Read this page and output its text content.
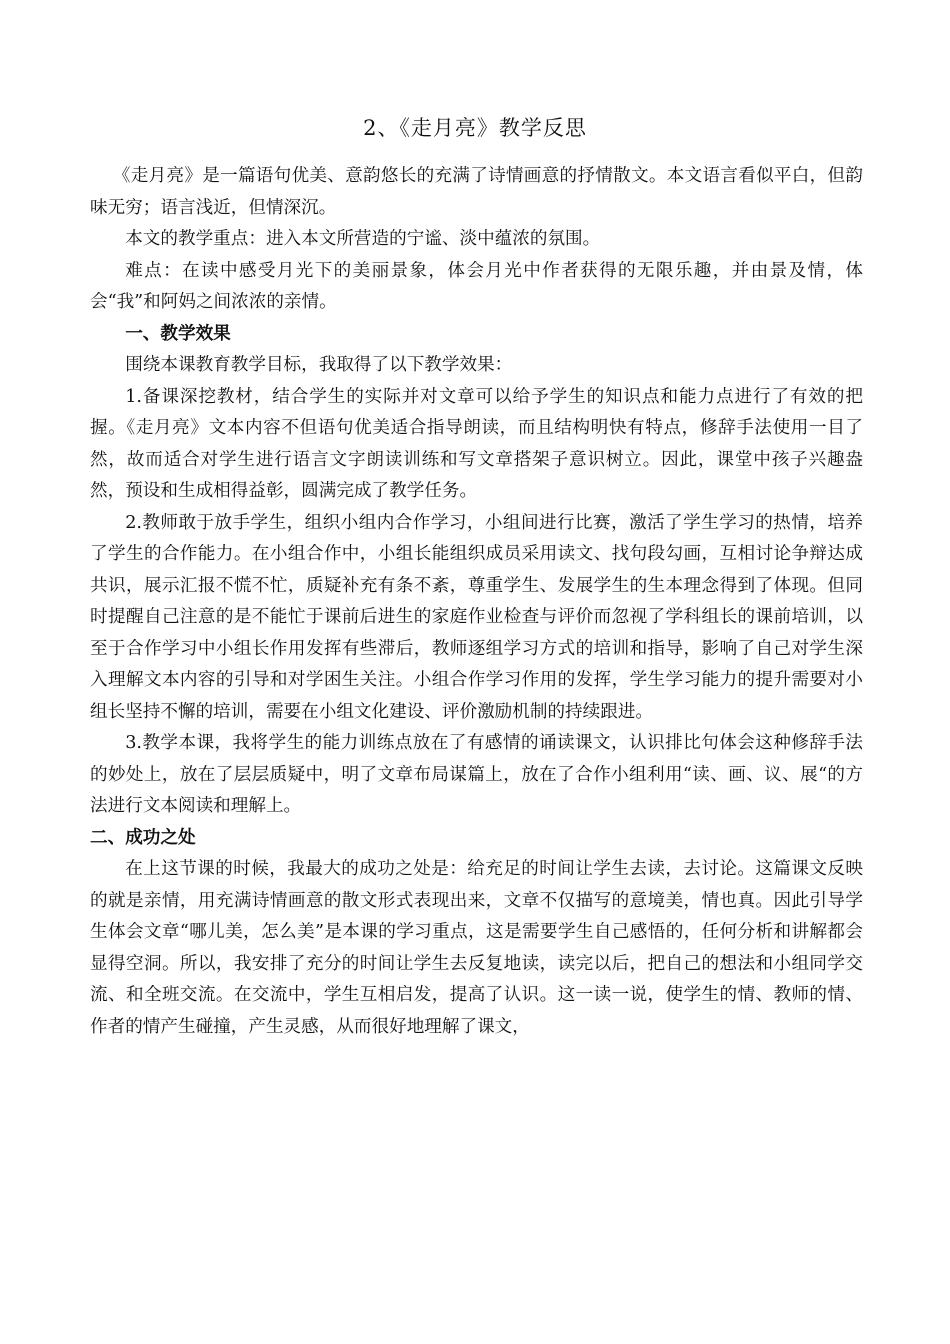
2、《走月亮》教学反思

《走月亮》是一篇语句优美、意韵悠长的充满了诗情画意的抒情散文。本文语言看似平白，但韵味无穷；语言浅近，但情深沉。

本文的教学重点：进入本文所营造的宁谧、淡中蕴浓的氛围。

难点：在读中感受月光下的美丽景象，体会月光中作者获得的无限乐趣，并由景及情，体会“我”和阿妈之间浓浓的亲情。

一、教学效果

围绕本课教育教学目标，我取得了以下教学效果：

1.备课深挖教材，结合学生的实际并对文章可以给予学生的知识点和能力点进行了有效的把握。《走月亮》文本内容不但语句优美适合指导朗读，而且结构明快有特点，修辞手法使用一目了然，故而适合对学生进行语言文字朗读训练和写文章搭架子意识树立。因此，课堂中孩子兴趣盎然，预设和生成相得益彰，圆满完成了教学任务。

2.教师敢于放手学生，组织小组内合作学习，小组间进行比赛，激活了学生学习的热情，培养了学生的合作能力。在小组合作中，小组长能组织成员采用读文、找句段勾画，互相讨论争辩达成共识，展示汇报不慌不忙，质疑补充有条不紊，尊重学生、发展学生的生本理念得到了体现。但同时提醒自己注意的是不能忙于课前后进生的家庭作业检查与评价而忽视了学科组长的课前培训，以至于合作学习中小组长作用发挥有些滞后，教师逐组学习方式的培训和指导，影响了自己对学生深入理解文本内容的引导和对学困生关注。小组合作学习作用的发挥，学生学习能力的提升需要对小组长坚持不懈的培训，需要在小组文化建设、评价激励机制的持续跟进。

3.教学本课，我将学生的能力训练点放在了有感情的诵读课文，认识排比句体会这种修辞手法的妙处上，放在了层层质疑中，明了文章布局谋篇上，放在了合作小组利用“读、画、议、展“的方法进行文本阅读和理解上。

二、成功之处

在上这节课的时候，我最大的成功之处是：给充足的时间让学生去读，去讨论。这篇课文反映的就是亲情，用充满诗情画意的散文形式表现出来，文章不仅描写的意境美，情也真。因此引导学生体会文章“哪儿美，怎么美”是本课的学习重点，这是需要学生自己感悟的，任何分析和讲解都会显得空洞。所以，我安排了充分的时间让学生去反复地读，读完以后，把自己的想法和小组同学交流、和全班交流。在交流中，学生互相启发，提高了认识。这一读一说，使学生的情、教师的情、作者的情产生碰撞，产生灵感，从而很好地理解了课文，
